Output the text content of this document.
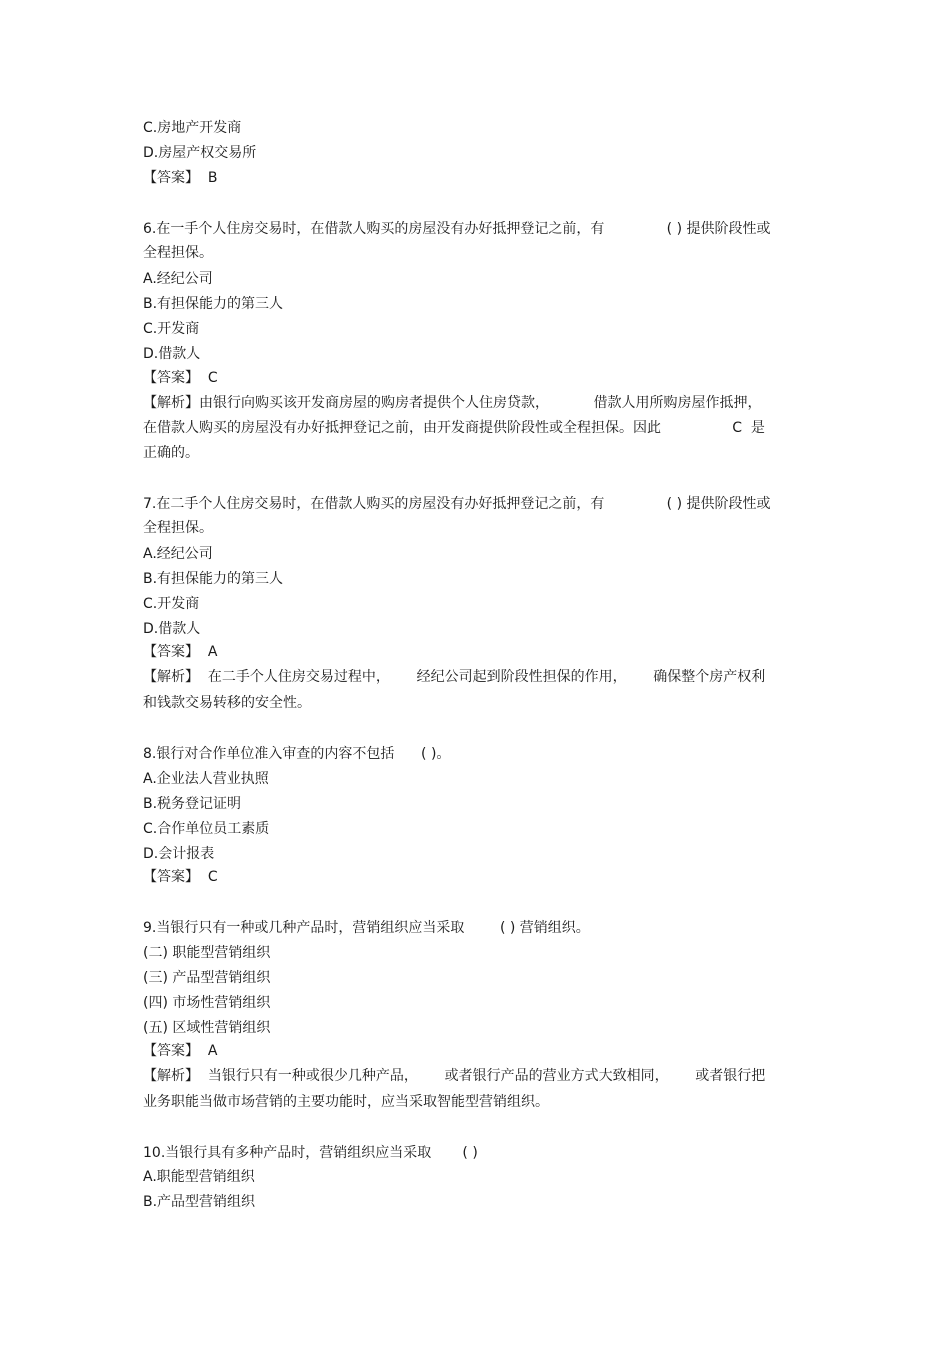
C.房地产开发商
D.房屋产权交易所
【答案】  B
6.在一手个人住房交易时，在借款人购买的房屋没有办好抵押登记之前，有              ( ) 提供阶段性或
全程担保。
A.经纪公司
B.有担保能力的第三人
C.开发商
D.借款人
【答案】  C
【解析】由银行向购买该开发商房屋的购房者提供个人住房贷款，          借款人用所购房屋作抵押，
在借款人购买的房屋没有办好抵押登记之前，由开发商提供阶段性或全程担保。因此                C  是
正确的。
7.在二手个人住房交易时，在借款人购买的房屋没有办好抵押登记之前，有              ( ) 提供阶段性或
全程担保。
A.经纪公司
B.有担保能力的第三人
C.开发商
D.借款人
【答案】  A
【解析】  在二手个人住房交易过程中，      经纪公司起到阶段性担保的作用，      确保整个房产权利
和钱款交易转移的安全性。
8.银行对合作单位准入审查的内容不包括      ( )。
A.企业法人营业执照
B.税务登记证明
C.合作单位员工素质
D.会计报表
【答案】  C
9.当银行只有一种或几种产品时，营销组织应当采取        ( ) 营销组织。
(二) 职能型营销组织
(三) 产品型营销组织
(四) 市场性营销组织
(五) 区域性营销组织
【答案】  A
【解析】  当银行只有一种或很少几种产品，      或者银行产品的营业方式大致相同，      或者银行把
业务职能当做市场营销的主要功能时，应当采取智能型营销组织。
10.当银行具有多种产品时，营销组织应当采取       ( )
A.职能型营销组织
B.产品型营销组织
